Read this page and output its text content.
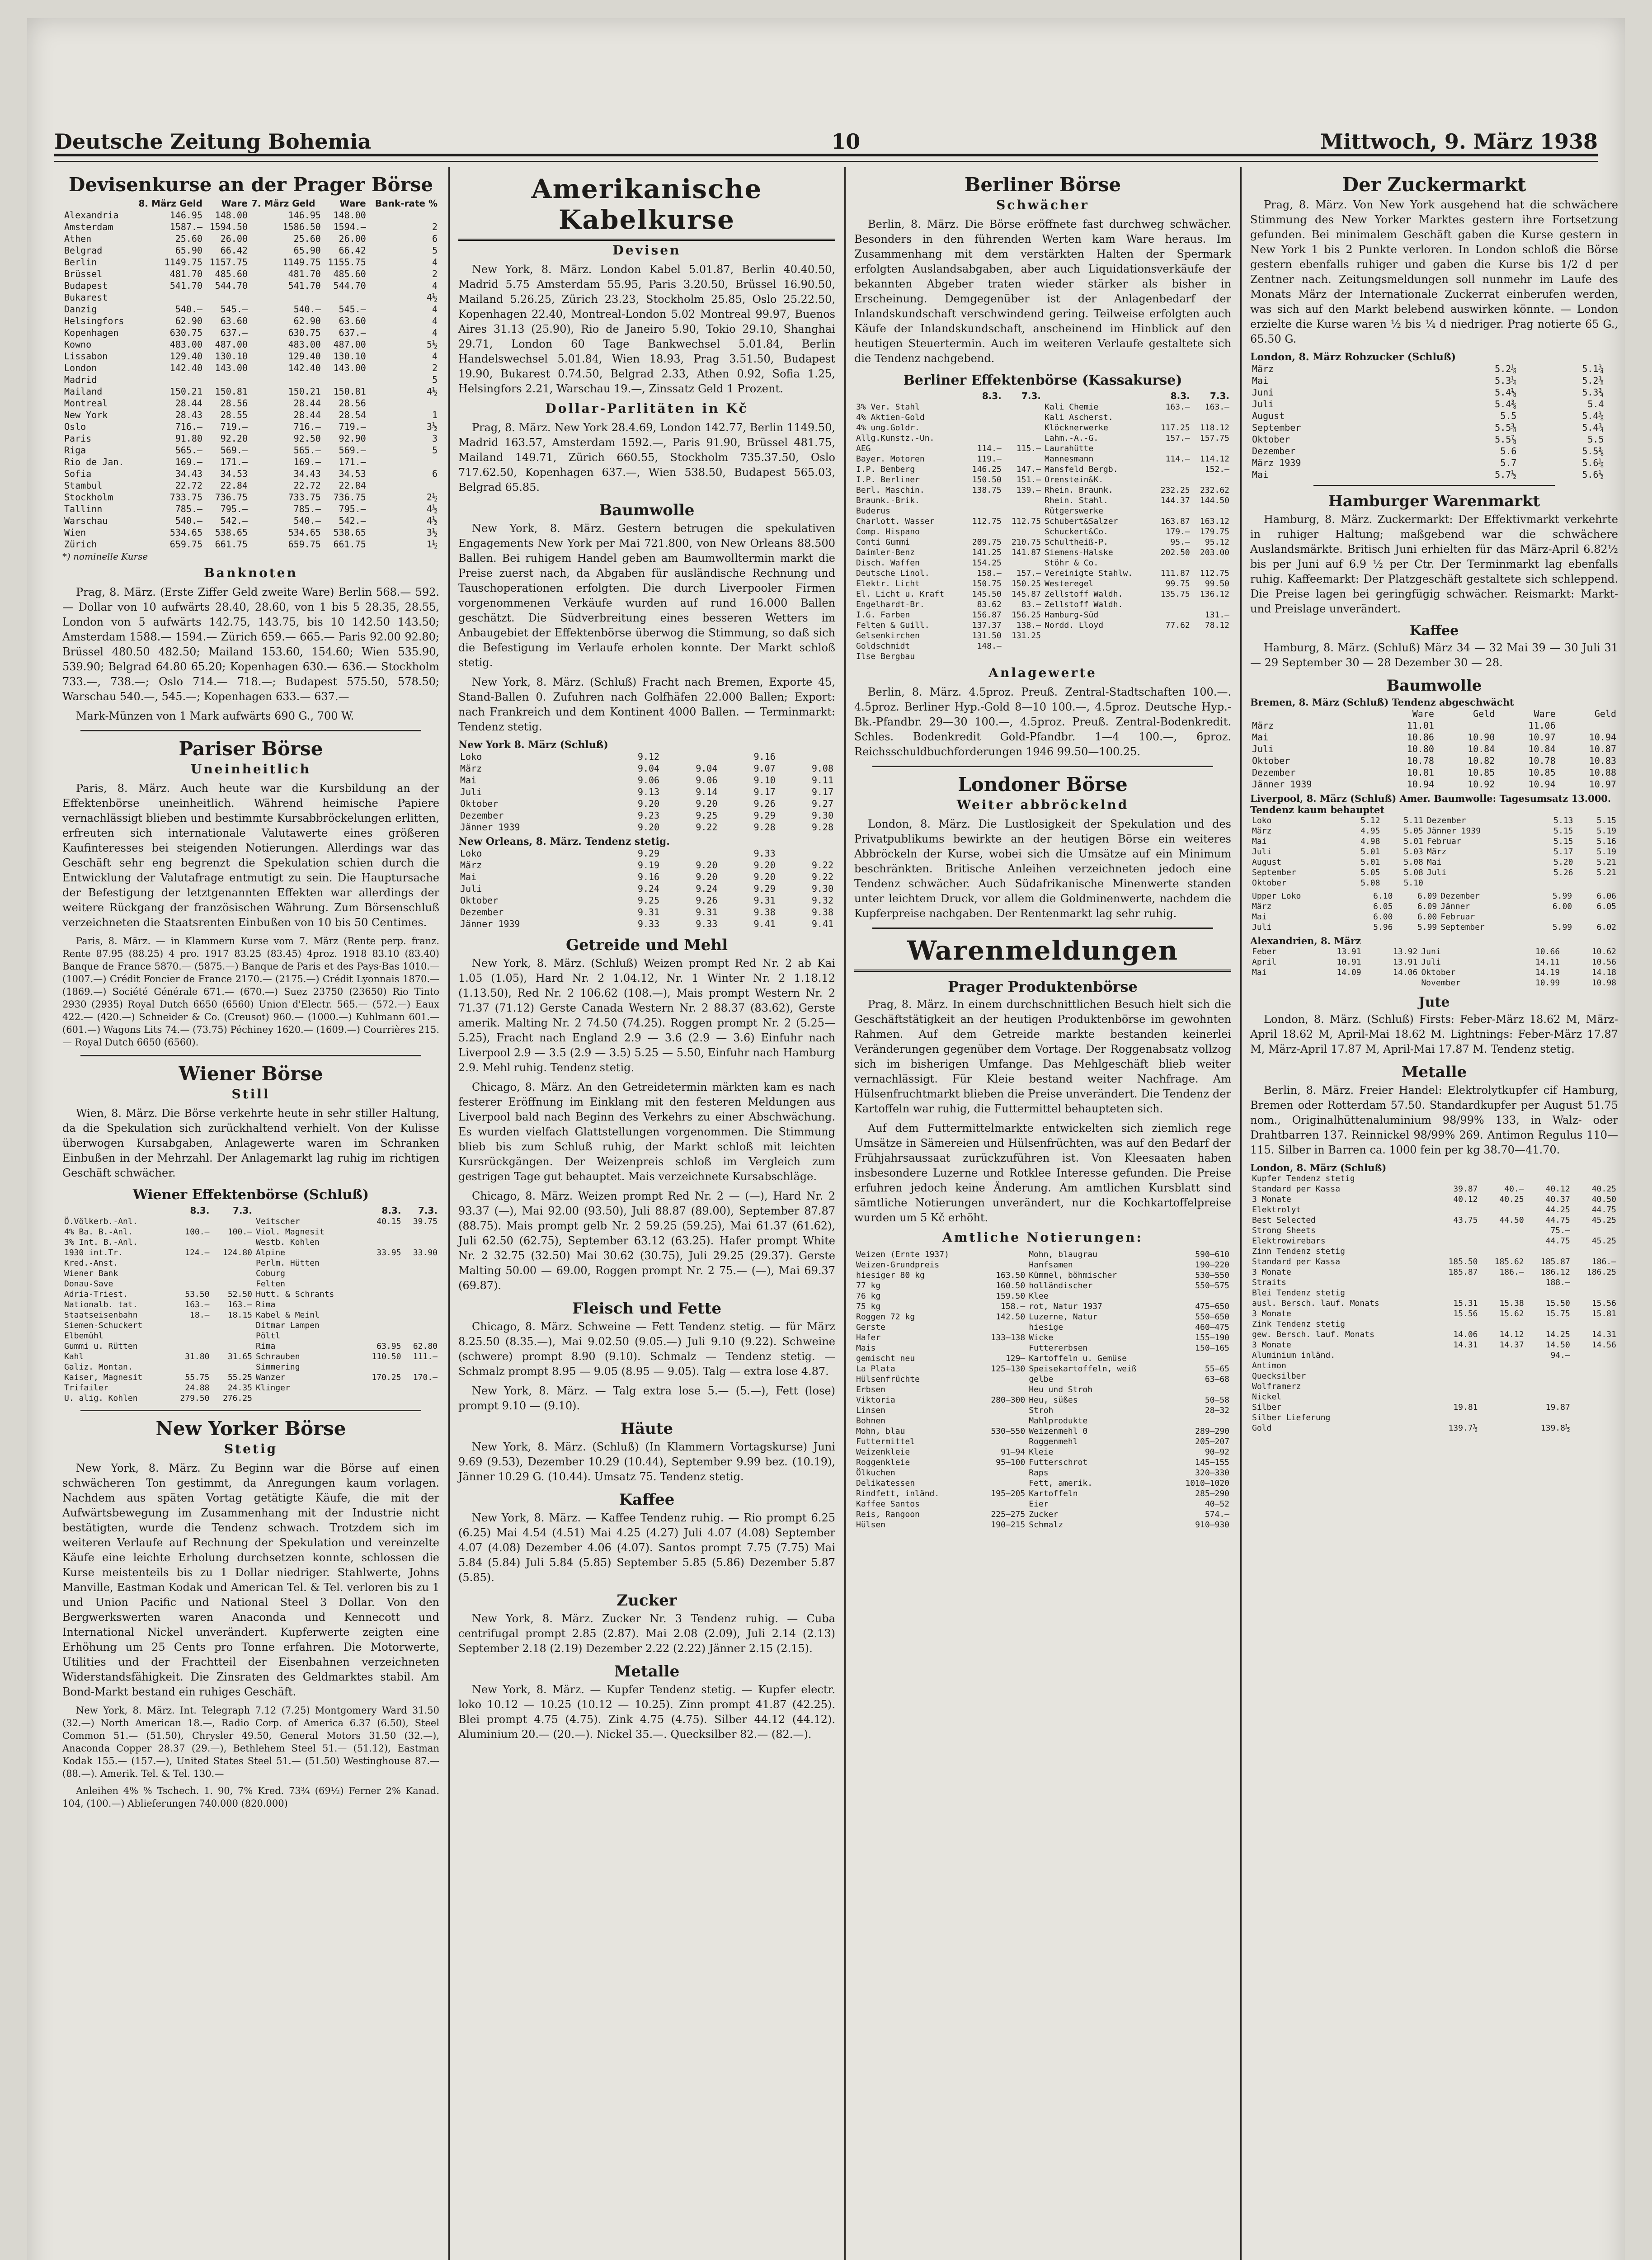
Deutsche Zeitung Bohemia	10	Mittwoch, 9. März 1938
Devisenkurse an der Prager Börse
	8. März Geld	Ware	7. März Geld	Ware	Bank-rate %
Alexandria	146.95	148.00	146.95	148.00	
Amsterdam	1587.—	1594.50	1586.50	1594.—	2
Athen	25.60	26.00	25.60	26.00	6
Belgrad	65.90	66.42	65.90	66.42	5
Berlin	1149.75	1157.75	1149.75	1155.75	4
Brüssel	481.70	485.60	481.70	485.60	2
Budapest	541.70	544.70	541.70	544.70	4
Bukarest					4½
Danzig	540.—	545.—	540.—	545.—	4
Helsingfors	62.90	63.60	62.90	63.60	4
Kopenhagen	630.75	637.—	630.75	637.—	4
Kowno	483.00	487.00	483.00	487.00	5½
Lissabon	129.40	130.10	129.40	130.10	4
London	142.40	143.00	142.40	143.00	2
Madrid					5
Mailand	150.21	150.81	150.21	150.81	4½
Montreal	28.44	28.56	28.44	28.56	
New York	28.43	28.55	28.44	28.54	1
Oslo	716.—	719.—	716.—	719.—	3½
Paris	91.80	92.20	92.50	92.90	3
Riga	565.—	569.—	565.—	569.—	5
Rio de Jan.	169.—	171.—	169.—	171.—	
Sofia	34.43	34.53	34.43	34.53	6
Stambul	22.72	22.84	22.72	22.84	
Stockholm	733.75	736.75	733.75	736.75	2½
Tallinn	785.—	795.—	785.—	795.—	4½
Warschau	540.—	542.—	540.—	542.—	4½
Wien	534.65	538.65	534.65	538.65	3½
Zürich	659.75	661.75	659.75	661.75	1½
*) nominelle Kurse
Banknoten

Prag, 8. März. (Erste Ziffer Geld zweite Ware) Berlin 568.— 592.— Dollar von 10 aufwärts 28.40, 28.60, von 1 bis 5 28.35, 28.55, London von 5 aufwärts 142.75, 143.75, bis 10 142.50 143.50; Amsterdam 1588.— 1594.— Zürich 659.— 665.— Paris 92.00 92.80; Brüssel 480.50 482.50; Mailand 153.60, 154.60; Wien 535.90, 539.90; Belgrad 64.80 65.20; Kopenhagen 630.— 636.— Stockholm 733.—, 738.—; Oslo 714.— 718.—; Budapest 575.50, 578.50; Warschau 540.—, 545.—; Kopenhagen 633.— 637.—

Mark-Münzen von 1 Mark aufwärts 690 G., 700 W.

Pariser Börse
Uneinheitlich

Paris, 8. März. Auch heute war die Kursbildung an der Effektenbörse uneinheitlich. Während heimische Papiere vernachlässigt blieben und bestimmte Kursabbröckelungen erlitten, erfreuten sich internationale Valutawerte eines größeren Kaufinteresses bei steigenden Notierungen. Allerdings war das Geschäft sehr eng begrenzt die Spekulation schien durch die Entwicklung der Valutafrage entmutigt zu sein. Die Hauptursache der Befestigung der letztgenannten Effekten war allerdings der weitere Rückgang der französischen Währung. Zum Börsenschluß verzeichneten die Staatsrenten Einbußen von 10 bis 50 Centimes.

Paris, 8. März. — in Klammern Kurse vom 7. März (Rente perp. franz. Rente 87.95 (88.25) 4 pro. 1917 83.25 (83.45) 4proz. 1918 83.10 (83.40) Banque de France 5870.— (5875.—) Banque de Paris et des Pays-Bas 1010.— (1007.—) Crédit Foncier de France 2170.— (2175.—) Crédit Lyonnais 1870.— (1869.—) Société Générale 671.— (670.—) Suez 23750 (23650) Rio Tinto 2930 (2935) Royal Dutch 6650 (6560) Union d'Electr. 565.— (572.—) Eaux 422.— (420.—) Schneider & Co. (Creusot) 960.— (1000.—) Kuhlmann 601.— (601.—) Wagons Lits 74.— (73.75) Péchiney 1620.— (1609.—) Courrières 215.— Royal Dutch 6650 (6560).

Wiener Börse
Still

Wien, 8. März. Die Börse verkehrte heute in sehr stiller Haltung, da die Spekulation sich zurückhaltend verhielt. Von der Kulisse überwogen Kursabgaben, Anlagewerte waren im Schranken Einbußen in der Mehrzahl. Der Anlagemarkt lag ruhig im richtigen Geschäft schwächer.

Wiener Effektenbörse (Schluß)
	8.3.	7.3.		8.3.	7.3.
Ö.Völkerb.-Anl.			Veitscher	40.15	39.75
4% Ba. B.-Anl.	100.—	100.—	Viol. Magnesit		
3% Int. B.-Anl.			Westb. Kohlen		
1930 int.Tr.	124.—	124.80	Alpine	33.95	33.90
Kred.-Anst.			Perlm. Hütten		
Wiener Bank			Coburg		
Donau-Save			Felten		
Adria-Triest.	53.50	52.50	Hutt. & Schrants		
Nationalb. tat.	163.—	163.—	Rima		
Staatseisenbahn	18.—	18.15	Kabel & Meinl		
Siemen-Schuckert			Ditmar Lampen		
Elbemühl			Pöltl		
Gummi u. Rütten			Rima	63.95	62.80
Kahl	31.80	31.65	Schrauben	110.50	111.—
Galiz. Montan.			Simmering		
Kaiser, Magnesit	55.75	55.25	Wanzer	170.25	170.—
Trifailer	24.88	24.35	Klinger		
U. alig. Kohlen	279.50	276.25			
New Yorker Börse
Stetig

New York, 8. März. Zu Beginn war die Börse auf einen schwächeren Ton gestimmt, da Anregungen kaum vorlagen. Nachdem aus späten Vortag getätigte Käufe, die mit der Aufwärtsbewegung im Zusammenhang mit der Industrie nicht bestätigten, wurde die Tendenz schwach. Trotzdem sich im weiteren Verlaufe auf Rechnung der Spekulation und vereinzelte Käufe eine leichte Erholung durchsetzen konnte, schlossen die Kurse meistenteils bis zu 1 Dollar niedriger. Stahlwerte, Johns Manville, Eastman Kodak und American Tel. & Tel. verloren bis zu 1 und Union Pacific und National Steel 3 Dollar. Von den Bergwerkswerten waren Anaconda und Kennecott und International Nickel unverändert. Kupferwerte zeigten eine Erhöhung um 25 Cents pro Tonne erfahren. Die Motorwerte, Utilities und der Frachtteil der Eisenbahnen verzeichneten Widerstandsfähigkeit. Die Zinsraten des Geldmarktes stabil. Am Bond-Markt bestand ein ruhiges Geschäft.

New York, 8. März. Int. Telegraph 7.12 (7.25) Montgomery Ward 31.50 (32.—) North American 18.—, Radio Corp. of America 6.37 (6.50), Steel Common 51.— (51.50), Chrysler 49.50, General Motors 31.50 (32.—), Anaconda Copper 28.37 (29.—), Bethlehem Steel 51.— (51.12), Eastman Kodak 155.— (157.—), United States Steel 51.— (51.50) Westinghouse 87.— (88.—). Amerik. Tel. & Tel. 130.—

Anleihen 4% % Tschech. 1. 90, 7% Kred. 73¾ (69½) Ferner 2% Kanad. 104, (100.—) Ablieferungen 740.000 (820.000)

Amerikanische Kabelkurse
Devisen

New York, 8. März. London Kabel 5.01.87, Berlin 40.40.50, Madrid 5.75 Amsterdam 55.95, Paris 3.20.50, Brüssel 16.90.50, Mailand 5.26.25, Zürich 23.23, Stockholm 25.85, Oslo 25.22.50, Kopenhagen 22.40, Montreal-London 5.02 Montreal 99.97, Buenos Aires 31.13 (25.90), Rio de Janeiro 5.90, Tokio 29.10, Shanghai 29.71, London 60 Tage Bankwechsel 5.01.84, Berlin Handelswechsel 5.01.84, Wien 18.93, Prag 3.51.50, Budapest 19.90, Bukarest 0.74.50, Belgrad 2.33, Athen 0.92, Sofia 1.25, Helsingfors 2.21, Warschau 19.—, Zinssatz Geld 1 Prozent.

Dollar-Parlitäten in Kč

Prag, 8. März. New York 28.4.69, London 142.77, Berlin 1149.50, Madrid 163.57, Amsterdam 1592.—, Paris 91.90, Brüssel 481.75, Mailand 149.71, Zürich 660.55, Stockholm 735.37.50, Oslo 717.62.50, Kopenhagen 637.—, Wien 538.50, Budapest 565.03, Belgrad 65.85.

Baumwolle

New York, 8. März. Gestern betrugen die spekulativen Engagements New York per Mai 721.800, von New Orleans 88.500 Ballen. Bei ruhigem Handel geben am Baumwolltermin markt die Preise zuerst nach, da Abgaben für ausländische Rechnung und Tauschoperationen erfolgten. Die durch Liverpooler Firmen vorgenommenen Verkäufe wurden auf rund 16.000 Ballen geschätzt. Die Südverbreitung eines besseren Wetters im Anbaugebiet der Effektenbörse überwog die Stimmung, so daß sich die Befestigung im Verlaufe erholen konnte. Der Markt schloß stetig.

New York, 8. März. (Schluß) Fracht nach Bremen, Exporte 45, Stand-Ballen 0. Zufuhren nach Golfhäfen 22.000 Ballen; Export: nach Frankreich und dem Kontinent 4000 Ballen. — Terminmarkt: Tendenz stetig.

New York 8. März (Schluß)
Loko	9.12		9.16	
März	9.04	9.04	9.07	9.08
Mai	9.06	9.06	9.10	9.11
Juli	9.13	9.14	9.17	9.17
Oktober	9.20	9.20	9.26	9.27
Dezember	9.23	9.25	9.29	9.30
Jänner 1939	9.20	9.22	9.28	9.28
New Orleans, 8. März. Tendenz stetig.
Loko	9.29		9.33	
März	9.19	9.20	9.20	9.22
Mai	9.16	9.20	9.20	9.22
Juli	9.24	9.24	9.29	9.30
Oktober	9.25	9.26	9.31	9.32
Dezember	9.31	9.31	9.38	9.38
Jänner 1939	9.33	9.33	9.41	9.41
Getreide und Mehl

New York, 8. März. (Schluß) Weizen prompt Red Nr. 2 ab Kai 1.05 (1.05), Hard Nr. 2 1.04.12, Nr. 1 Winter Nr. 2 1.18.12 (1.13.50), Red Nr. 2 106.62 (108.—), Mais prompt Western Nr. 2 71.37 (71.12) Gerste Canada Western Nr. 2 88.37 (83.62), Gerste amerik. Malting Nr. 2 74.50 (74.25). Roggen prompt Nr. 2 (5.25—5.25), Fracht nach England 2.9 — 3.6 (2.9 — 3.6) Einfuhr nach Liverpool 2.9 — 3.5 (2.9 — 3.5) 5.25 — 5.50, Einfuhr nach Hamburg 2.9. Mehl ruhig. Tendenz stetig.

Chicago, 8. März. An den Getreidetermin märkten kam es nach festerer Eröffnung im Einklang mit den festeren Meldungen aus Liverpool bald nach Beginn des Verkehrs zu einer Abschwächung. Es wurden vielfach Glattstellungen vorgenommen. Die Stimmung blieb bis zum Schluß ruhig, der Markt schloß mit leichten Kursrückgängen. Der Weizenpreis schloß im Vergleich zum gestrigen Tage gut behauptet. Mais verzeichnete Kursabschläge.

Chicago, 8. März. Weizen prompt Red Nr. 2 — (—), Hard Nr. 2 93.37 (—), Mai 92.00 (93.50), Juli 88.87 (89.00), September 87.87 (88.75). Mais prompt gelb Nr. 2 59.25 (59.25), Mai 61.37 (61.62), Juli 62.50 (62.75), September 63.12 (63.25). Hafer prompt White Nr. 2 32.75 (32.50) Mai 30.62 (30.75), Juli 29.25 (29.37). Gerste Malting 50.00 — 69.00, Roggen prompt Nr. 2 75.— (—), Mai 69.37 (69.87).

Fleisch und Fette

Chicago, 8. März. Schweine — Fett Tendenz stetig. — für März 8.25.50 (8.35.—), Mai 9.02.50 (9.05.—) Juli 9.10 (9.22). Schweine (schwere) prompt 8.90 (9.10). Schmalz — Tendenz stetig. — Schmalz prompt 8.95 — 9.05 (8.95 — 9.05). Talg — extra lose 4.87.

New York, 8. März. — Talg extra lose 5.— (5.—), Fett (lose) prompt 9.10 — (9.10).

Häute

New York, 8. März. (Schluß) (In Klammern Vortagskurse) Juni 9.69 (9.53), Dezember 10.29 (10.44), September 9.99 bez. (10.19), Jänner 10.29 G. (10.44). Umsatz 75. Tendenz stetig.

Kaffee

New York, 8. März. — Kaffee Tendenz ruhig. — Rio prompt 6.25 (6.25) Mai 4.54 (4.51) Mai 4.25 (4.27) Juli 4.07 (4.08) September 4.07 (4.08) Dezember 4.06 (4.07). Santos prompt 7.75 (7.75) Mai 5.84 (5.84) Juli 5.84 (5.85) September 5.85 (5.86) Dezember 5.87 (5.85).

Zucker

New York, 8. März. Zucker Nr. 3 Tendenz ruhig. — Cuba centrifugal prompt 2.85 (2.87). Mai 2.08 (2.09), Juli 2.14 (2.13) September 2.18 (2.19) Dezember 2.22 (2.22) Jänner 2.15 (2.15).

Metalle

New York, 8. März. — Kupfer Tendenz stetig. — Kupfer electr. loko 10.12 — 10.25 (10.12 — 10.25). Zinn prompt 41.87 (42.25). Blei prompt 4.75 (4.75). Zink 4.75 (4.75). Silber 44.12 (44.12). Aluminium 20.— (20.—). Nickel 35.—. Quecksilber 82.— (82.—).

Berliner Börse
Schwächer

Berlin, 8. März. Die Börse eröffnete fast durchweg schwächer. Besonders in den führenden Werten kam Ware heraus. Im Zusammenhang mit dem verstärkten Halten der Spermark erfolgten Auslandsabgaben, aber auch Liquidationsverkäufe der bekannten Abgeber traten wieder stärker als bisher in Erscheinung. Demgegenüber ist der Anlagenbedarf der Inlandskundschaft verschwindend gering. Teilweise erfolgten auch Käufe der Inlandskundschaft, anscheinend im Hinblick auf den heutigen Steuertermin. Auch im weiteren Verlaufe gestaltete sich die Tendenz nachgebend.

Berliner Effektenbörse (Kassakurse)
	8.3.	7.3.		8.3.	7.3.
3% Ver. Stahl			Kali Chemie	163.—	163.—
4% Aktien-Gold			Kali Ascherst.		
4% ung.Goldr.			Klöcknerwerke	117.25	118.12
Allg.Kunstz.-Un.			Lahm.-A.-G.	157.—	157.75
AEG	114.—	115.—	Laurahütte		
Bayer. Motoren	119.—		Mannesmann	114.—	114.12
I.P. Bemberg	146.25	147.—	Mansfeld Bergb.		152.—
I.P. Berliner	150.50	151.—	Orenstein&K.		
Berl. Maschin.	138.75	139.—	Rhein. Braunk.	232.25	232.62
Braunk.-Brik.			Rhein. Stahl.	144.37	144.50
Buderus			Rütgerswerke		
Charlott. Wasser	112.75	112.75	Schubert&Salzer	163.87	163.12
Comp. Hispano			Schuckert&Co.	179.—	179.75
Conti Gummi	209.75	210.75	Schultheiß-P.	95.—	95.12
Daimler-Benz	141.25	141.87	Siemens-Halske	202.50	203.00
Disch. Waffen	154.25		Stöhr & Co.		
Deutsche Linol.	158.—	157.—	Vereinigte Stahlw.	111.87	112.75
Elektr. Licht	150.75	150.25	Westeregel	99.75	99.50
El. Licht u. Kraft	145.50	145.87	Zellstoff Waldh.	135.75	136.12
Engelhardt-Br.	83.62	83.—	Zellstoff Waldh.		
I.G. Farben	156.87	156.25	Hamburg-Süd		131.—
Felten & Guill.	137.37	138.—	Nordd. Lloyd	77.62	78.12
Gelsenkirchen	131.50	131.25			
Goldschmidt	148.—				
Ilse Bergbau					
Anlagewerte

Berlin, 8. März. 4.5proz. Preuß. Zentral-Stadtschaften 100.—. 4.5proz. Berliner Hyp.-Gold 8—10 100.—, 4.5proz. Deutsche Hyp.-Bk.-Pfandbr. 29—30 100.—, 4.5proz. Preuß. Zentral-Bodenkredit. Schles. Bodenkredit Gold-Pfandbr. 1—4 100.—, 6proz. Reichsschuldbuchforderungen 1946 99.50—100.25.

Londoner Börse
Weiter abbröckelnd

London, 8. März. Die Lustlosigkeit der Spekulation und des Privatpublikums bewirkte an der heutigen Börse ein weiteres Abbröckeln der Kurse, wobei sich die Umsätze auf ein Minimum beschränkten. Britische Anleihen verzeichneten jedoch eine Tendenz schwächer. Auch Südafrikanische Minenwerte standen unter leichtem Druck, vor allem die Goldminenwerte, nachdem die Kupferpreise nachgaben. Der Rentenmarkt lag sehr ruhig.

Warenmeldungen
Prager Produktenbörse

Prag, 8. März. In einem durchschnittlichen Besuch hielt sich die Geschäftstätigkeit an der heutigen Produktenbörse im gewohnten Rahmen. Auf dem Getreide markte bestanden keinerlei Veränderungen gegenüber dem Vortage. Der Roggenabsatz vollzog sich im bisherigen Umfange. Das Mehlgeschäft blieb weiter vernachlässigt. Für Kleie bestand weiter Nachfrage. Am Hülsenfruchtmarkt blieben die Preise unverändert. Die Tendenz der Kartoffeln war ruhig, die Futtermittel behaupteten sich.

Auf dem Futtermittelmarkte entwickelten sich ziemlich rege Umsätze in Sämereien und Hülsenfrüchten, was auf den Bedarf der Frühjahrsaussaat zurückzuführen ist. Von Kleesaaten haben insbesondere Luzerne und Rotklee Interesse gefunden. Die Preise erfuhren jedoch keine Änderung. Am amtlichen Kursblatt sind sämtliche Notierungen unverändert, nur die Kochkartoffelpreise wurden um 5 Kč erhöht.

Amtliche Notierungen:
Weizen (Ernte 1937)		Mohn, blaugrau	590—610
Weizen-Grundpreis		Hanfsamen	190—220
hiesiger 80 kg	163.50	Kümmel, böhmischer	530—550
77 kg	160.50	holländischer	550—575
76 kg	159.50	Klee	
75 kg	158.—	rot, Natur 1937	475—650
Roggen 72 kg	142.50	Luzerne, Natur	550—650
Gerste		hiesige	460—475
Hafer	133—138	Wicke	155—190
Mais		Futtererbsen	150—165
gemischt neu	129—	Kartoffeln u. Gemüse	
La Plata	125—130	Speisekartoffeln, weiß	55—65
Hülsenfrüchte		gelbe	63—68
Erbsen		Heu und Stroh	
Viktoria	280—300	Heu, süßes	50—58
Linsen		Stroh	28—32
Bohnen		Mahlprodukte	
Mohn, blau	530—550	Weizenmehl 0	289—290
Futtermittel		Roggenmehl	205—207
Weizenkleie	91—94	Kleie	90—92
Roggenkleie	95—100	Futterschrot	145—155
Ölkuchen		Raps	320—330
Delikatessen		Fett, amerik.	1010—1020
Rindfett, inländ.	195—205	Kartoffeln	285—290
Kaffee Santos		Eier	40—52
Reis, Rangoon	225—275	Zucker	574.—
Hülsen	190—215	Schmalz	910—930
Der Zuckermarkt

Prag, 8. März. Von New York ausgehend hat die schwächere Stimmung des New Yorker Marktes gestern ihre Fortsetzung gefunden. Bei minimalem Geschäft gaben die Kurse gestern in New York 1 bis 2 Punkte verloren. In London schloß die Börse gestern ebenfalls ruhiger und gaben die Kurse bis 1/2 d per Zentner nach. Zeitungsmeldungen soll nunmehr im Laufe des Monats März der Internationale Zuckerrat einberufen werden, was sich auf den Markt belebend auswirken könnte. — London erzielte die Kurse waren ½ bis ¼ d niedriger. Prag notierte 65 G., 65.50 G.

London, 8. März Rohzucker (Schluß)
März	5.2⅛	5.1¾	
Mai	5.3¼	5.2⅜	
Juni	5.4⅛	5.3¾	
Juli	5.4⅜	5.4	
August	5.5	5.4⅜	
September	5.5⅜	5.4¾	
Oktober	5.5⅞	5.5	
Dezember	5.6	5.5⅜	
März 1939	5.7	5.6⅛	
Mai	5.7½	5.6½	
Hamburger Warenmarkt

Hamburg, 8. März. Zuckermarkt: Der Effektivmarkt verkehrte in ruhiger Haltung; maßgebend war die schwächere Auslandsmärkte. Britisch Juni erhielten für das März-April 6.82½ bis per Juni auf 6.9 ½ per Ctr. Der Terminmarkt lag ebenfalls ruhig. Kaffeemarkt: Der Platzgeschäft gestaltete sich schleppend. Die Preise lagen bei geringfügig schwächer. Reismarkt: Markt- und Preislage unverändert.

Kaffee

Hamburg, 8. März. (Schluß) März 34 — 32 Mai 39 — 30 Juli 31 — 29 September 30 — 28 Dezember 30 — 28.

Baumwolle
Bremen, 8. März (Schluß) Tendenz abgeschwächt
	Ware	Geld	Ware	Geld
März	11.01		11.06	
Mai	10.86	10.90	10.97	10.94
Juli	10.80	10.84	10.84	10.87
Oktober	10.78	10.82	10.78	10.83
Dezember	10.81	10.85	10.85	10.88
Jänner 1939	10.94	10.92	10.94	10.97
Liverpool, 8. März (Schluß) Amer. Baumwolle: Tagesumsatz 13.000. Tendenz kaum behauptet
Loko	5.12	5.11	Dezember	5.13	5.15
März	4.95	5.05	Jänner 1939	5.15	5.19
Mai	4.98	5.01	Februar	5.15	5.16
Juli	5.01	5.03	März	5.17	5.19
August	5.01	5.08	Mai	5.20	5.21
September	5.05	5.08	Juli	5.26	5.21
Oktober	5.08	5.10			
Upper Loko	6.10	6.09	Dezember	5.99	6.06
März	6.05	6.09	Jänner	6.00	6.05
Mai	6.00	6.00	Februar		
Juli	5.96	5.99	September	5.99	6.02
Alexandrien, 8. März
Feber	13.91	13.92	Juni	10.66	10.62
April	10.91	13.91	Juli	14.11	10.56
Mai	14.09	14.06	Oktober	14.19	14.18
			November	10.99	10.98
Jute

London, 8. März. (Schluß) Firsts: Feber-März 18.62 M, März-April 18.62 M, April-Mai 18.62 M. Lightnings: Feber-März 17.87 M, März-April 17.87 M, April-Mai 17.87 M. Tendenz stetig.

Metalle

Berlin, 8. März. Freier Handel: Elektrolytkupfer cif Hamburg, Bremen oder Rotterdam 57.50. Standardkupfer per August 51.75 nom., Originalhüttenaluminium 98/99% 133, in Walz- oder Drahtbarren 137. Reinnickel 98/99% 269. Antimon Regulus 110—115. Silber in Barren ca. 1000 fein per kg 38.70—41.70.

London, 8. März (Schluß)
Kupfer Tendenz stetig				
Standard per Kassa	39.87	40.—	40.12	40.25
3 Monate	40.12	40.25	40.37	40.50
Elektrolyt			44.25	44.75
Best Selected	43.75	44.50	44.75	45.25
Strong Sheets			75.—	
Elektrowirebars			44.75	45.25
Zinn Tendenz stetig				
Standard per Kassa	185.50	185.62	185.87	186.—
3 Monate	185.87	186.—	186.12	186.25
Straits			188.—	
Blei Tendenz stetig				
ausl. Bersch. lauf. Monats	15.31	15.38	15.50	15.56
3 Monate	15.56	15.62	15.75	15.81
Zink Tendenz stetig				
gew. Bersch. lauf. Monats	14.06	14.12	14.25	14.31
3 Monate	14.31	14.37	14.50	14.56
Aluminium inländ.			94.—	
Antimon				
Quecksilber				
Wolframerz				
Nickel				
Silber	19.81		19.87	
Silber Lieferung				
Gold	139.7½		139.8½	
